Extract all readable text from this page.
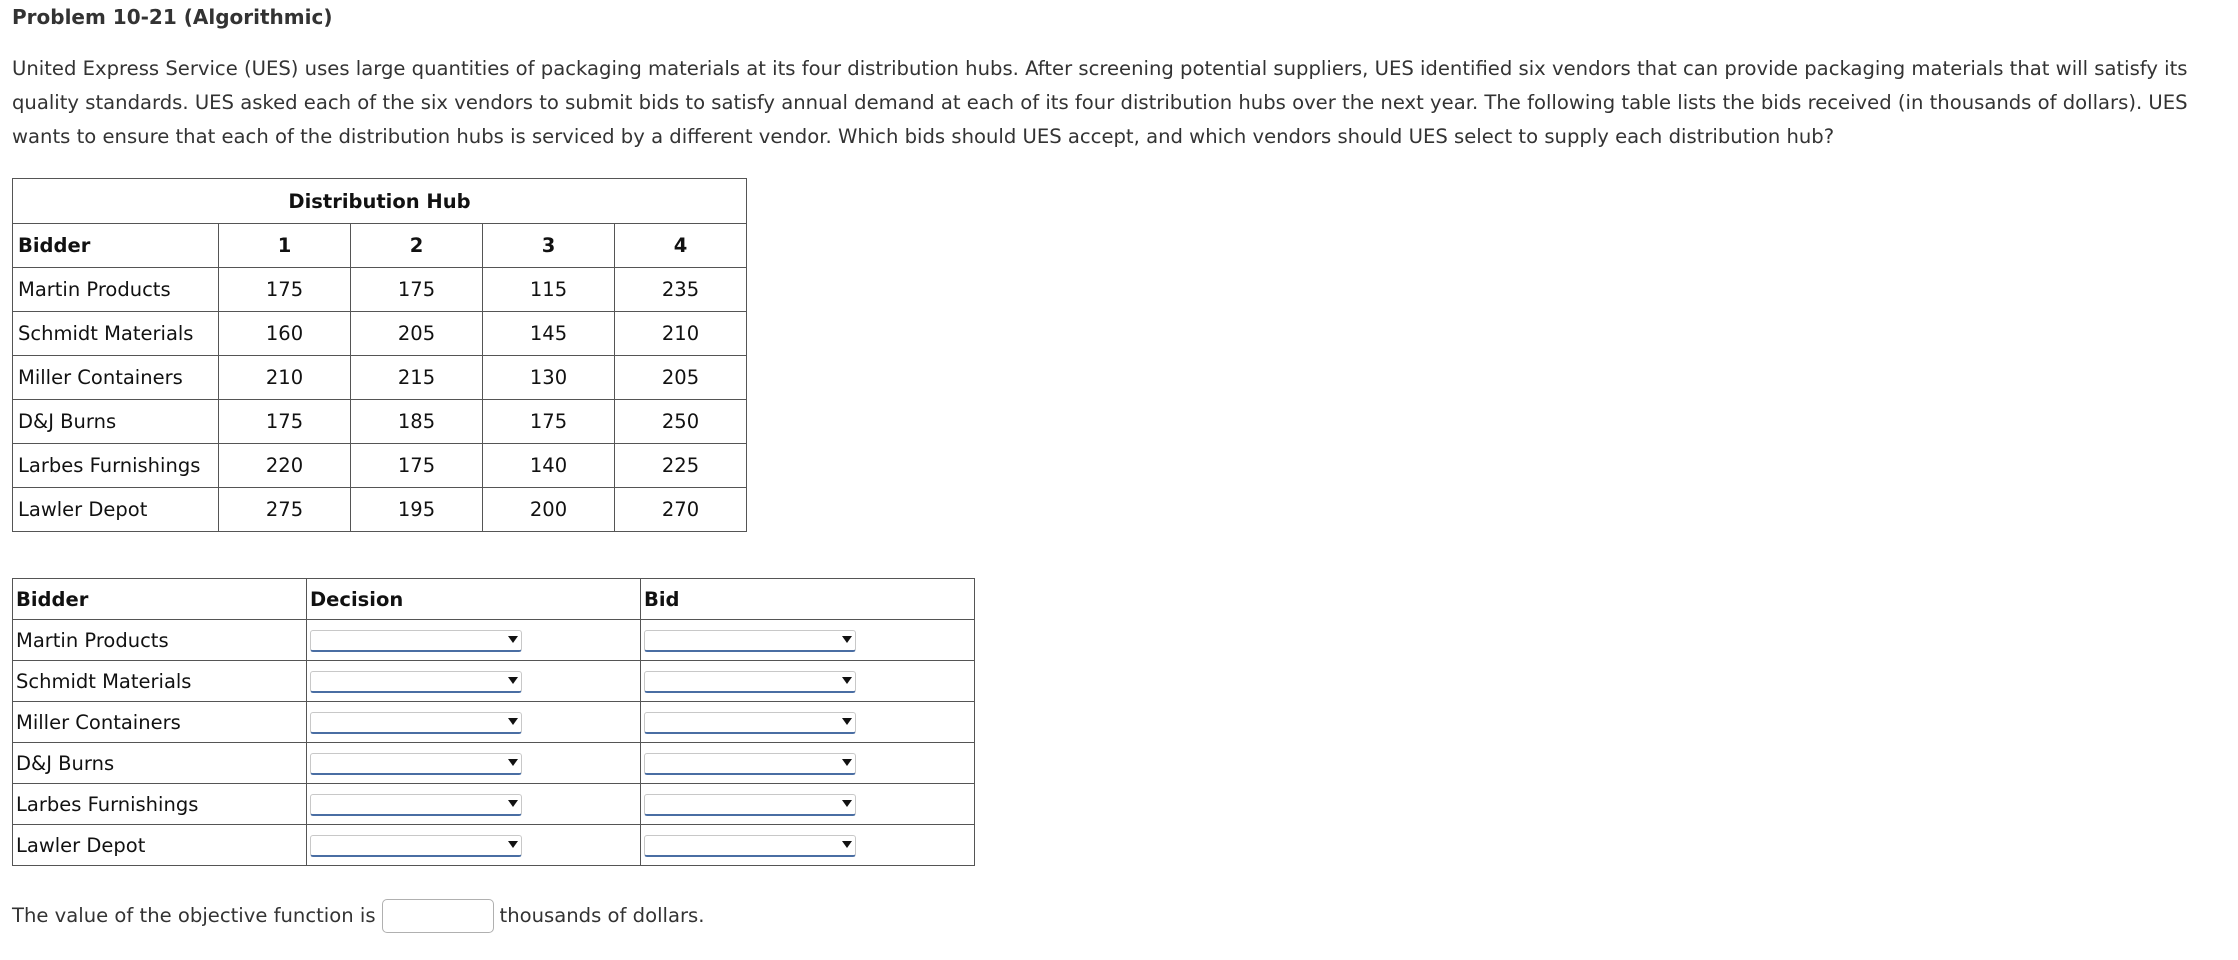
Problem 10-21 (Algorithmic)
United Express Service (UES) uses large quantities of packaging materials at its four distribution hubs. After screening potential suppliers, UES identified six vendors that can provide packaging materials that will satisfy its quality standards. UES asked each of the six vendors to submit bids to satisfy annual demand at each of its four distribution hubs over the next year. The following table lists the bids received (in thousands of dollars). UES wants to ensure that each of the distribution hubs is serviced by a different vendor. Which bids should UES accept, and which vendors should UES select to supply each distribution hub?
Distribution Hub				
Bidder	1	2	3	4
Martin Products	175	175	115	235
Schmidt Materials	160	205	145	210
Miller Containers	210	215	130	205
D&J Burns	175	185	175	250
Larbes Furnishings	220	175	140	225
Lawler Depot	275	195	200	270
Bidder	Decision	Bid
Martin Products	

Schmidt Materials	

Miller Containers	

D&J Burns	

Larbes Furnishings	

Lawler Depot	

The value of the objective function is	thousands of dollars.
